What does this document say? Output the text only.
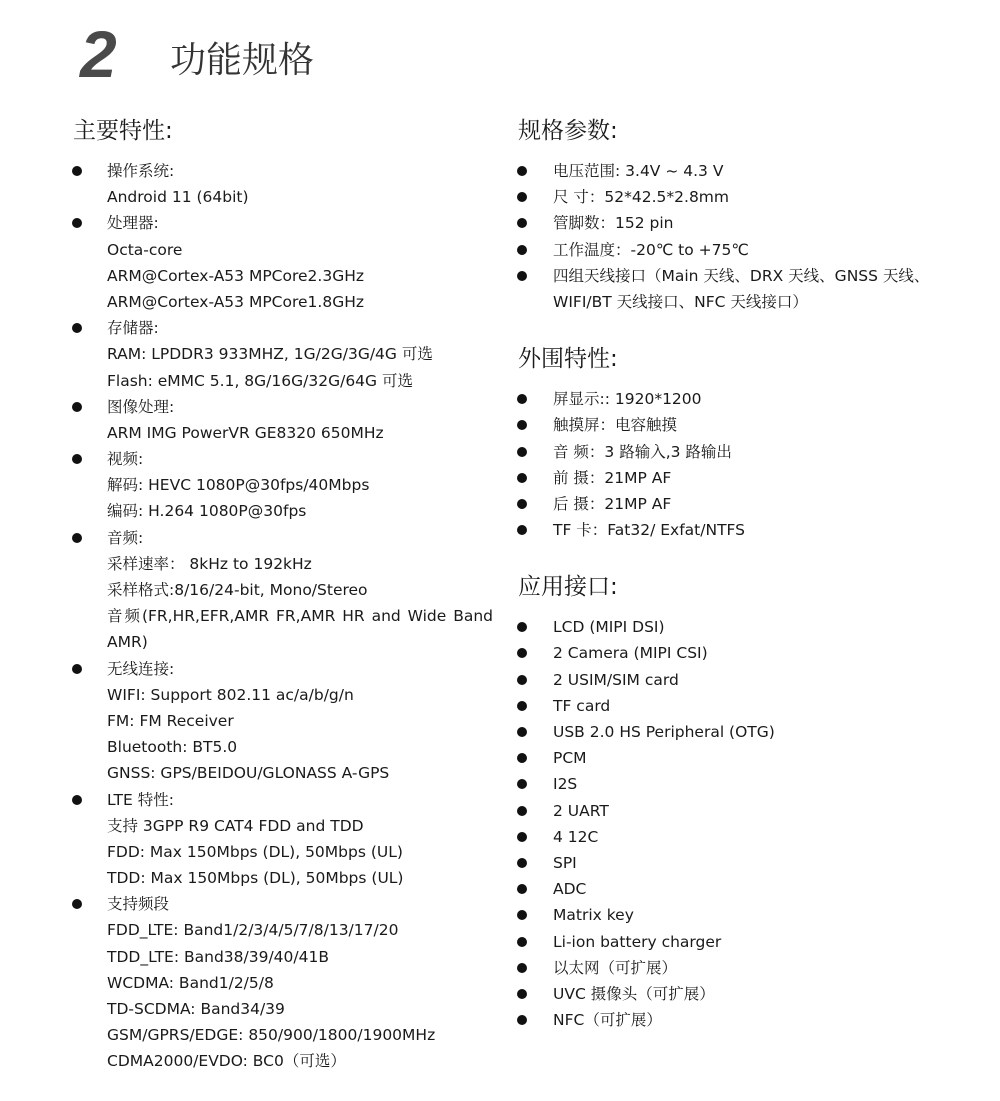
2 功能规格
主要特性:
操作系统:
Android 11 (64bit)
处理器:
Octa-core
ARM@Cortex-A53 MPCore2.3GHz
ARM@Cortex-A53 MPCore1.8GHz
存储器:
RAM: LPDDR3 933MHZ, 1G/2G/3G/4G 可选
Flash: eMMC 5.1, 8G/16G/32G/64G 可选
图像处理:
ARM IMG PowerVR GE8320 650MHz
视频:
解码: HEVC 1080P@30fps/40Mbps
编码: H.264 1080P@30fps
音频:
采样速率： 8kHz to 192kHz
采样格式:8/16/24-bit, Mono/Stereo
音频(FR,HR,EFR,AMR FR,AMR HR and Wide Band
AMR)
无线连接:
WIFI: Support 802.11 ac/a/b/g/n
FM: FM Receiver
Bluetooth: BT5.0
GNSS: GPS/BEIDOU/GLONASS A-GPS
LTE 特性:
支持 3GPP R9 CAT4 FDD and TDD
FDD: Max 150Mbps (DL), 50Mbps (UL)
TDD: Max 150Mbps (DL), 50Mbps (UL)
支持频段
FDD_LTE: Band1/2/3/4/5/7/8/13/17/20
TDD_LTE: Band38/39/40/41B
WCDMA: Band1/2/5/8
TD-SCDMA: Band34/39
GSM/GPRS/EDGE: 850/900/1800/1900MHz
CDMA2000/EVDO: BC0（可选）
规格参数:
电压范围: 3.4V ~ 4.3 V
尺 寸：52*42.5*2.8mm
管脚数：152 pin
工作温度：-20℃ to +75℃
四组天线接口（Main 天线、DRX 天线、GNSS 天线、
WIFI/BT 天线接口、NFC 天线接口）
外围特性:
屏显示:: 1920*1200
触摸屏：电容触摸
音 频：3 路输入,3 路输出
前 摄：21MP AF
后 摄：21MP AF
TF 卡：Fat32/ Exfat/NTFS
应用接口:
LCD (MIPI DSI)
2 Camera (MIPI CSI)
2 USIM/SIM card
TF card
USB 2.0 HS Peripheral (OTG)
PCM
I2S
2 UART
4 12C
SPI
ADC
Matrix key
Li-ion battery charger
以太网（可扩展）
UVC 摄像头（可扩展）
NFC（可扩展）
